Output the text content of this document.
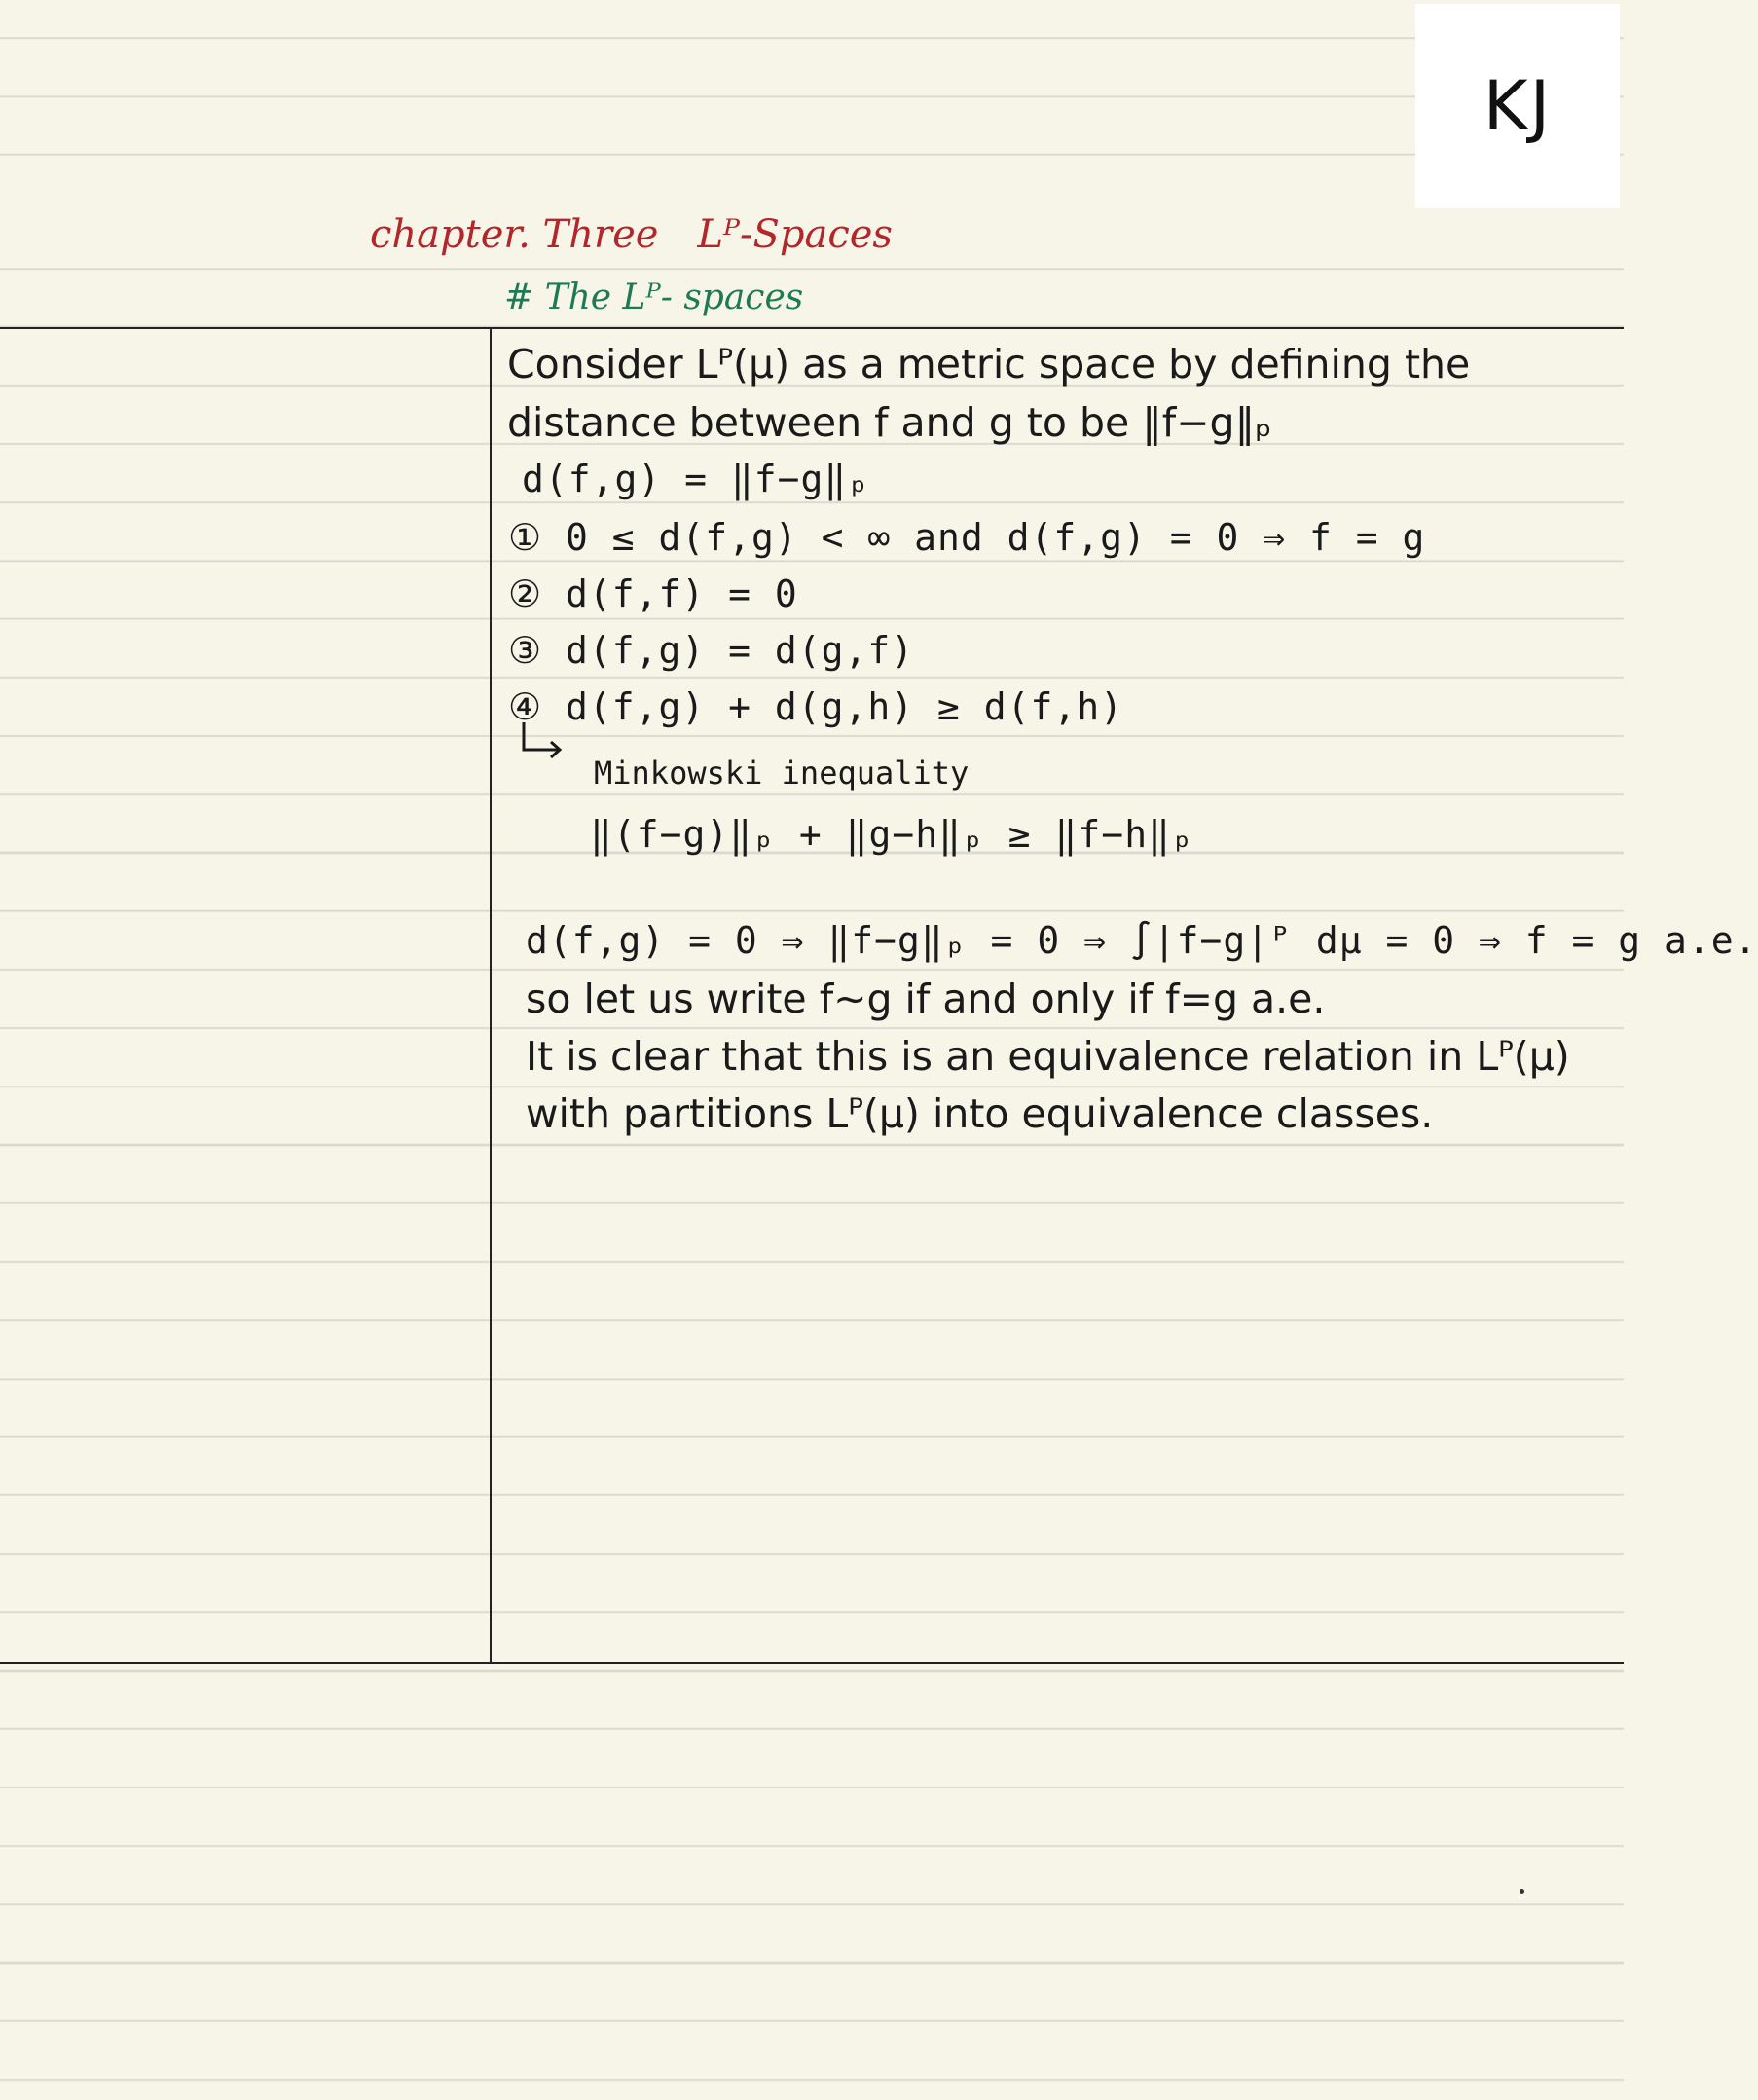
KJ
chapter. Three Lᴾ-Spaces
# The Lᴾ- spaces
Consider Lᴾ(μ) as a metric space by defining the
distance between f and g to be ‖f−g‖ₚ
d(f,g) = ‖f−g‖ₚ
① 0 ≤ d(f,g) < ∞ and d(f,g) = 0 ⇒ f = g
② d(f,f) = 0
③ d(f,g) = d(g,f)
④ d(f,g) + d(g,h) ≥ d(f,h)
Minkowski inequality
‖(f−g)‖ₚ + ‖g−h‖ₚ ≥ ‖f−h‖ₚ
d(f,g) = 0 ⇒ ‖f−g‖ₚ = 0 ⇒ ∫|f−g|ᴾ dμ = 0 ⇒ f = g a.e.
so let us write f∼g if and only if f=g a.e.
It is clear that this is an equivalence relation in Lᴾ(μ)
with partitions Lᴾ(μ) into equivalence classes.
